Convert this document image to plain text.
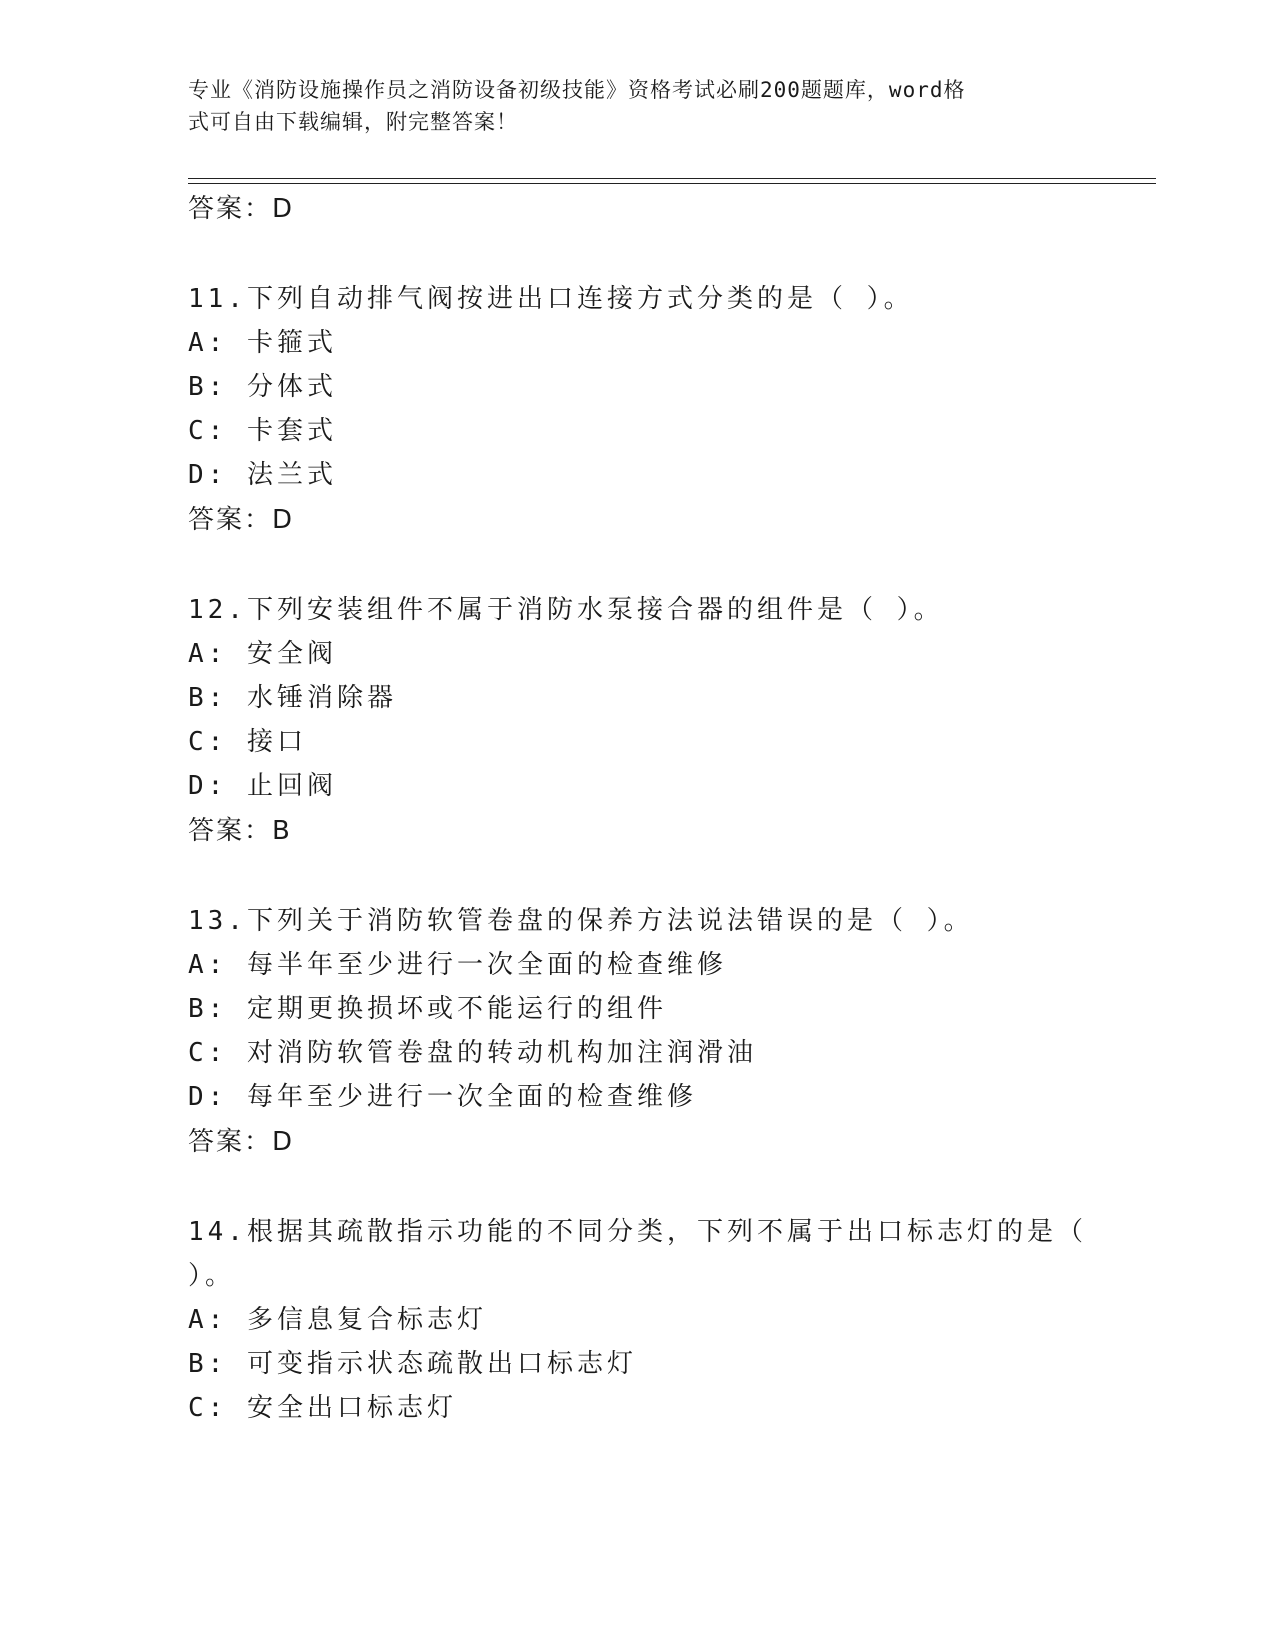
专业《消防设施操作员之消防设备初级技能》资格考试必刷200题题库，word格
式可自由下载编辑，附完整答案！
答案：D
11.下列自动排气阀按进出口连接方式分类的是（ ）。
A: 卡箍式
B: 分体式
C: 卡套式
D: 法兰式
答案：D
12.下列安装组件不属于消防水泵接合器的组件是（ ）。
A: 安全阀
B: 水锤消除器
C: 接口
D: 止回阀
答案：B
13.下列关于消防软管卷盘的保养方法说法错误的是（ ）。
A: 每半年至少进行一次全面的检查维修
B: 定期更换损坏或不能运行的组件
C: 对消防软管卷盘的转动机构加注润滑油
D: 每年至少进行一次全面的检查维修
答案：D
14.根据其疏散指示功能的不同分类，下列不属于出口标志灯的是（
）。
A: 多信息复合标志灯
B: 可变指示状态疏散出口标志灯
C: 安全出口标志灯
